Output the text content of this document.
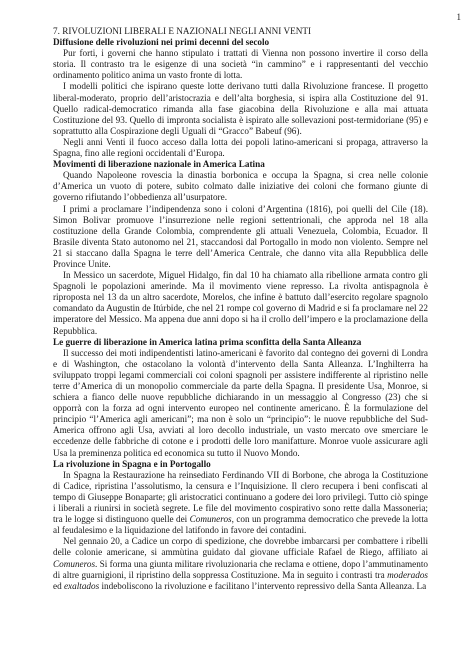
1
7. RIVOLUZIONI LIBERALI E NAZIONALI NEGLI ANNI VENTI
Diffusione delle rivoluzioni nei primi decenni del secolo

Pur forti, i governi che hanno stipulato i trattati di Vienna non possono invertire il corso della storia. Il contrasto tra le esigenze di una società “in cammino” e i rappresentanti del vecchio ordinamento politico anima un vasto fronte di lotta.

I modelli politici che ispirano queste lotte derivano tutti dalla Rivoluzione francese. Il progetto liberal-moderato, proprio dell’aristocrazia e dell’alta borghesia, si ispira alla Costituzione del 91. Quello radical-democratico rimanda alla fase giacobina della Rivoluzione e alla mai attuata Costituzione del 93. Quello di impronta socialista è ispirato alle sollevazioni post-termidoriane (95) e soprattutto alla Cospirazione degli Uguali di “Gracco” Babeuf (96).

Negli anni Venti il fuoco acceso dalla lotta dei popoli latino-americani si propaga, attraverso la Spagna, fino alle regioni occidentali d’Europa.

Movimenti di liberazione nazionale in America Latina

Quando Napoleone rovescia la dinastia borbonica e occupa la Spagna, si crea nelle colonie d’America un vuoto di potere, subito colmato dalle iniziative dei coloni che formano giunte di governo rifiutando l’obbedienza all’usurpatore.

I primi a proclamare l’indipendenza sono i coloni d’Argentina (1816), poi quelli del Cile (18). Simon Bolivar promuove l’insurrezione nelle regioni settentrionali, che approda nel 18 alla costituzione della Grande Colombia, comprendente gli attuali Venezuela, Colombia, Ecuador. Il Brasile diventa Stato autonomo nel 21, staccandosi dal Portogallo in modo non violento. Sempre nel 21 si staccano dalla Spagna le terre dell’America Centrale, che danno vita alla Repubblica delle Province Unite.

In Messico un sacerdote, Miguel Hidalgo, fin dal 10 ha chiamato alla ribellione armata contro gli Spagnoli le popolazioni amerinde. Ma il movimento viene represso. La rivolta antispagnola è riproposta nel 13 da un altro sacerdote, Morelos, che infine è battuto dall’esercito regolare spagnolo comandato da Augustin de Itúrbide, che nel 21 rompe col governo di Madrid e si fa proclamare nel 22 imperatore del Messico. Ma appena due anni dopo si ha il crollo dell’impero e la proclamazione della Repubblica.

Le guerre di liberazione in America latina prima sconfitta della Santa Alleanza

Il successo dei moti indipendentisti latino-americani è favorito dal contegno dei governi di Londra e di Washington, che ostacolano la volontà d’intervento della Santa Alleanza. L’Inghilterra ha sviluppato troppi legami commerciali coi coloni spagnoli per assistere indifferente al ripristino nelle terre d’America di un monopolio commerciale da parte della Spagna. Il presidente Usa, Monroe, si schiera a fianco delle nuove repubbliche dichiarando in un messaggio al Congresso (23) che si opporrà con la forza ad ogni intervento europeo nel continente americano. È la formulazione del principio “l’America agli americani”; ma non è solo un “principio”: le nuove repubbliche del Sud-America offrono agli Usa, avviati al loro decollo industriale, un vasto mercato ove smerciare le eccedenze delle fabbriche di cotone e i prodotti delle loro manifatture. Monroe vuole assicurare agli Usa la preminenza politica ed economica su tutto il Nuovo Mondo.

La rivoluzione in Spagna e in Portogallo

In Spagna la Restaurazione ha reinsediato Ferdinando VII di Borbone, che abroga la Costituzione di Cadice, ripristina l’assolutismo, la censura e l’Inquisizione. Il clero recupera i beni confiscati al tempo di Giuseppe Bonaparte; gli aristocratici continuano a godere dei loro privilegi. Tutto ciò spinge i liberali a riunirsi in società segrete. Le file del movimento cospirativo sono rette dalla Massoneria; tra le logge si distinguono quelle dei Comuneros, con un programma democratico che prevede la lotta al feudalesimo e la liquidazione del latifondo in favore dei contadini.

Nel gennaio 20, a Cadice un corpo di spedizione, che dovrebbe imbarcarsi per combattere i ribelli delle colonie americane, si ammùtina guidato dal giovane ufficiale Rafael de Riego, affiliato ai Comuneros. Si forma una giunta militare rivoluzionaria che reclama e ottiene, dopo l’ammutinamento di altre guarnigioni, il ripristino della soppressa Costituzione. Ma in seguito i contrasti tra moderados ed exaltados indeboliscono la rivoluzione e facilitano l’intervento repressivo della Santa Alleanza. La
